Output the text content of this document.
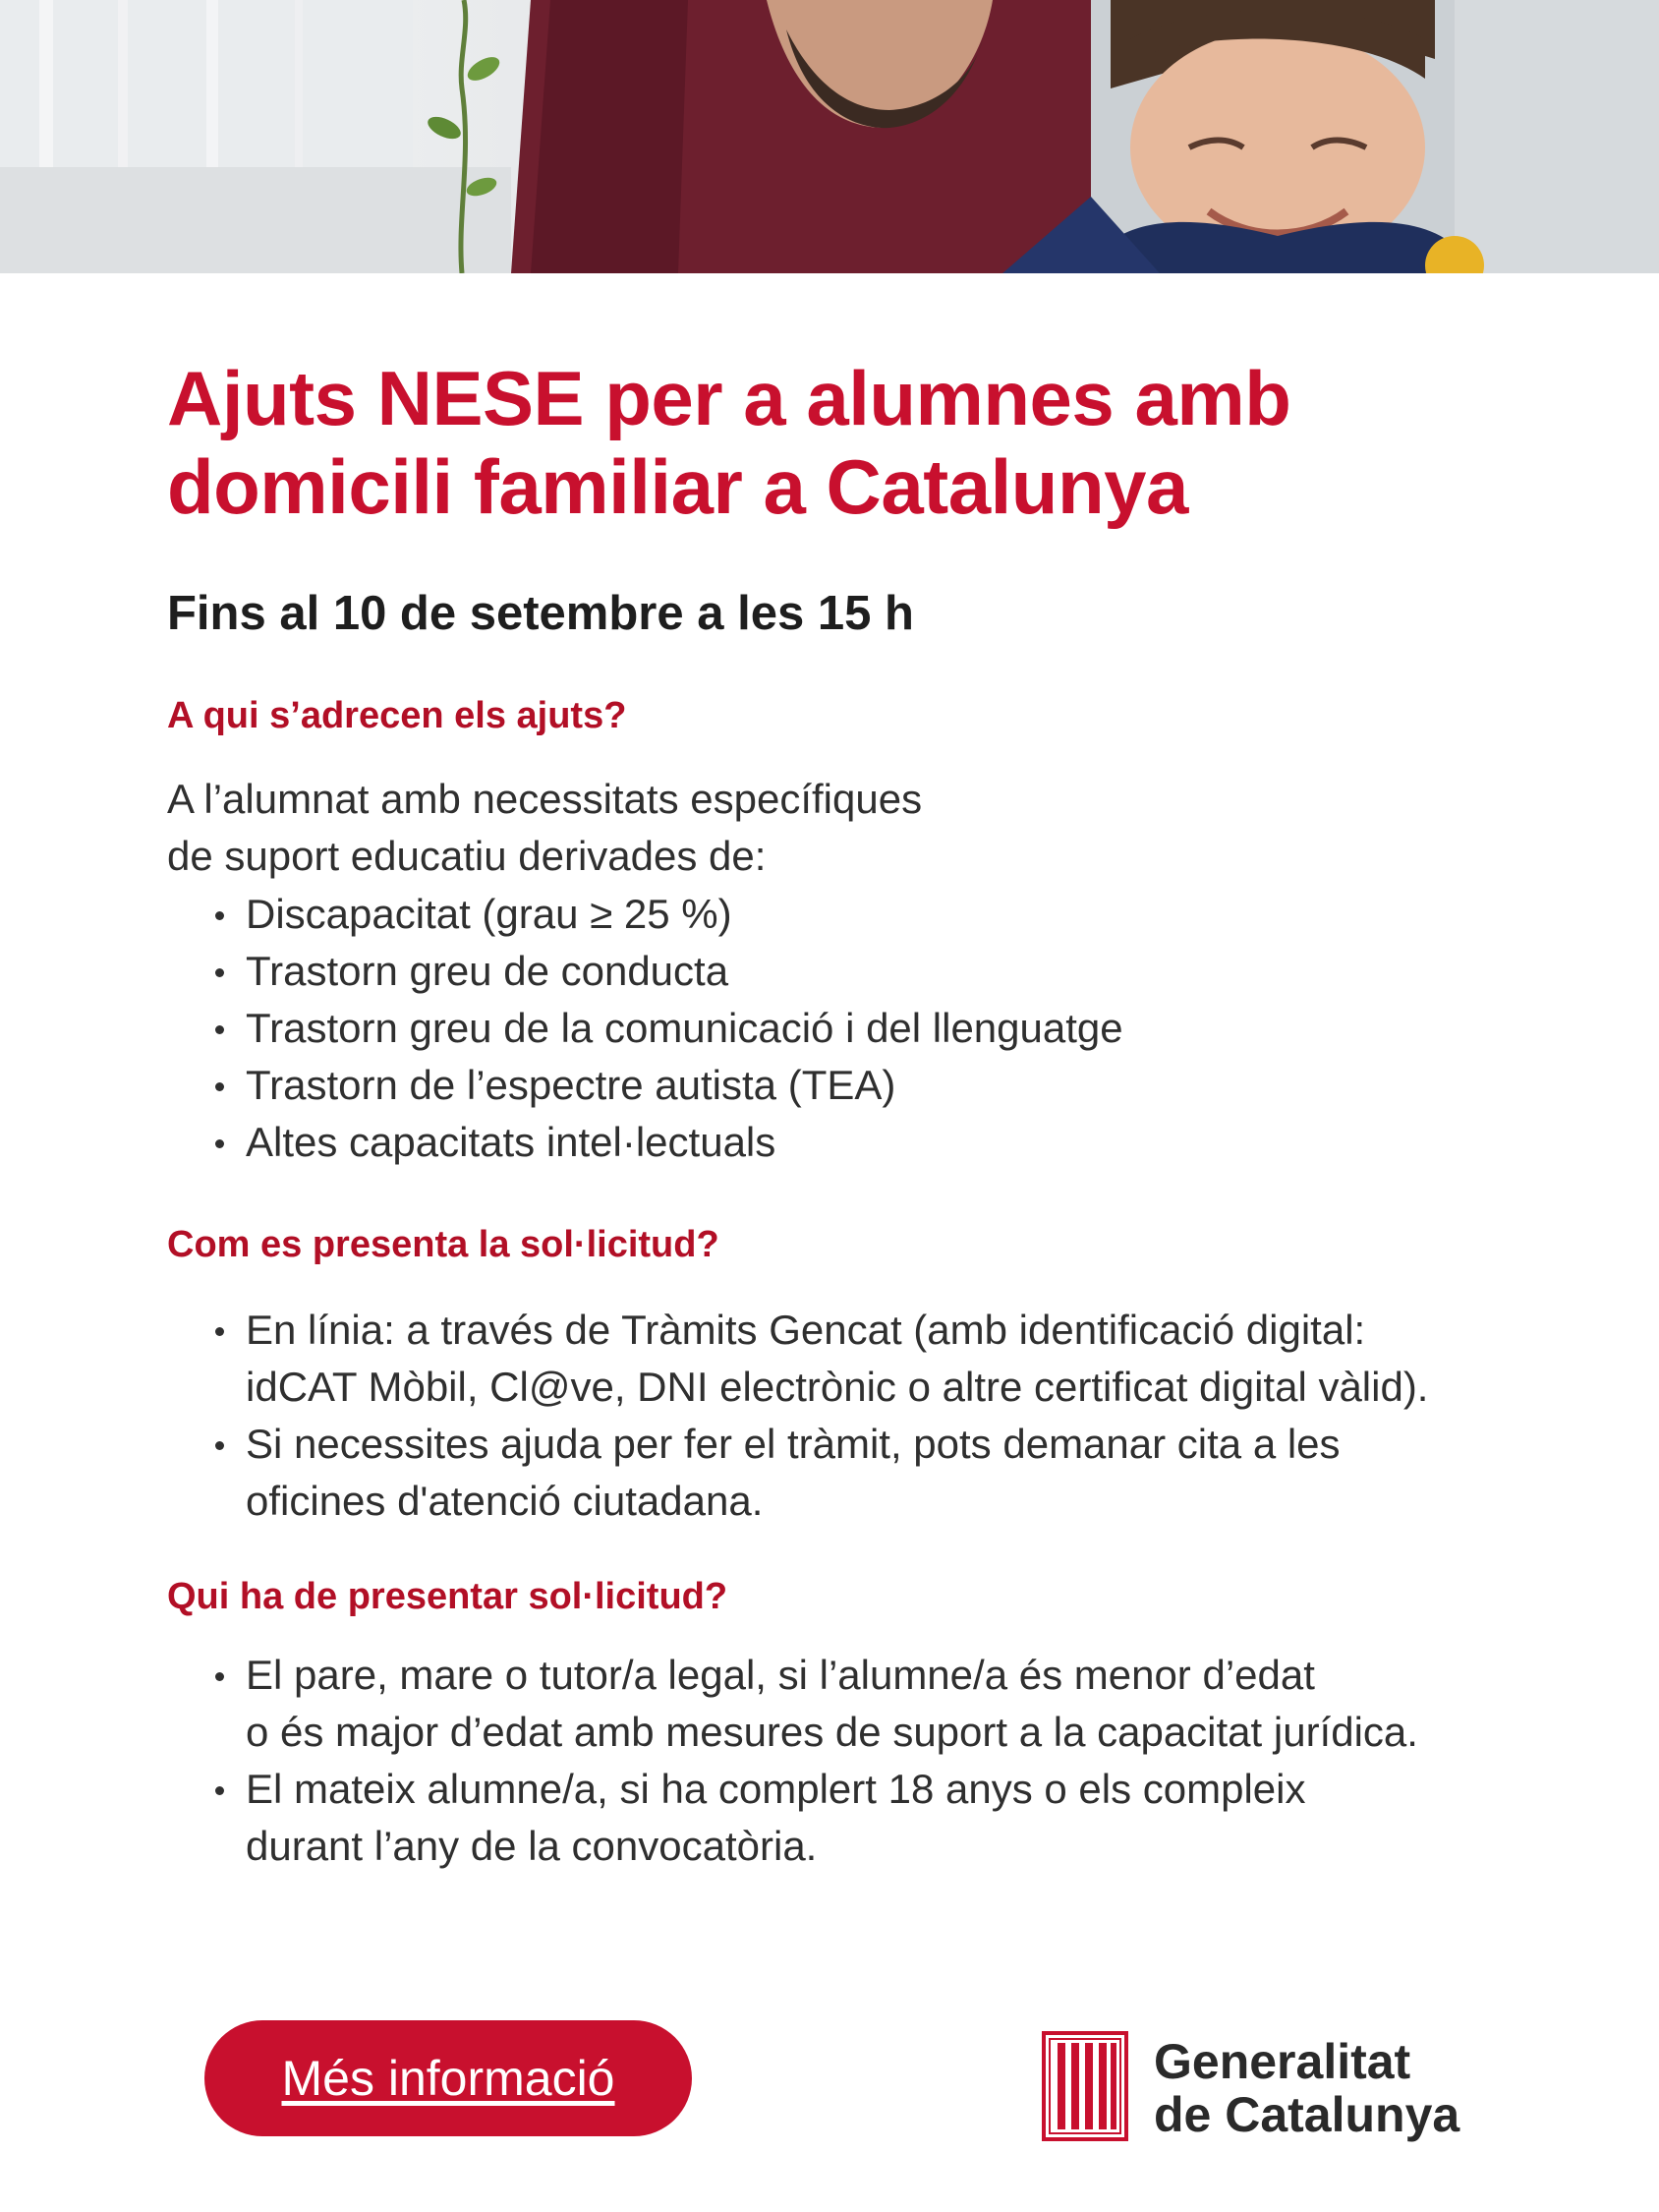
Ajuts NESE per a alumnes amb
domicili familiar a Catalunya

Fins al 10 de setembre a les 15 h

A qui s’adrecen els ajuts?

A l’alumnat amb necessitats específiques
de suport educatiu derivades de:

Discapacitat (grau ≥ 25 %)
Trastorn greu de conducta
Trastorn greu de la comunicació i del llenguatge
Trastorn de l’espectre autista (TEA)
Altes capacitats intel·lectuals
Com es presenta la sol·licitud?
En línia: a través de Tràmits Gencat (amb identificació digital:
idCAT Mòbil, Cl@ve, DNI electrònic o altre certificat digital vàlid).
Si necessites ajuda per fer el tràmit, pots demanar cita a les
oficines d'atenció ciutadana.
Qui ha de presentar sol·licitud?
El pare, mare o tutor/a legal, si l’alumne/a és menor d’edat
o és major d’edat amb mesures de suport a la capacitat jurídica.
El mateix alumne/a, si ha complert 18 anys o els compleix
durant l’any de la convocatòria.
Més informació	Generalitat
de Catalunya
